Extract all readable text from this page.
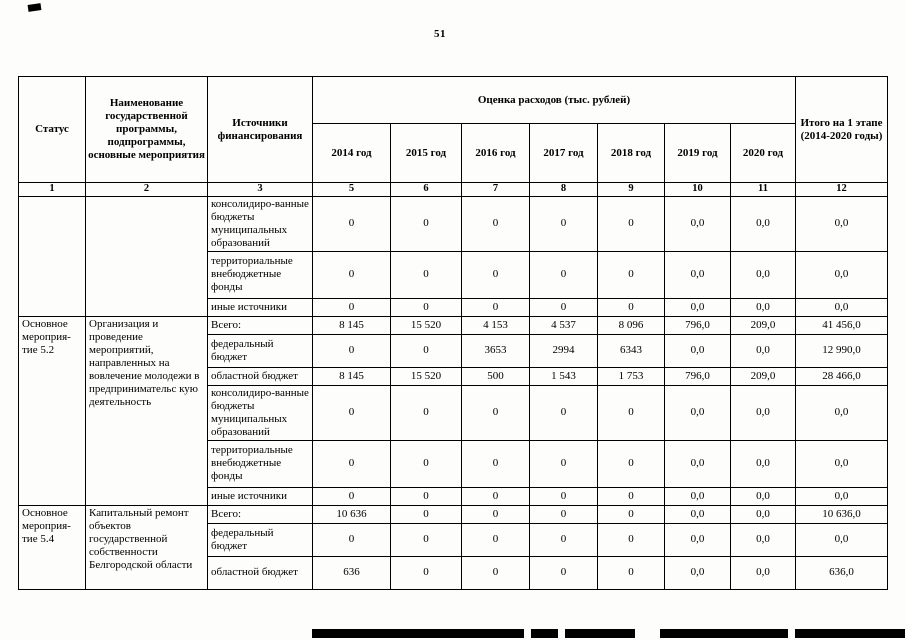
51
Статус	Наименование государственной программы, подпрограммы, основные мероприятия	Источники финансирования	Оценка расходов (тыс. рублей)							Итого на 1 этапе (2014-2020 годы)
			2014 год	2015 год	2016 год	2017 год	2018 год	2019 год	2020 год	
1	2	3	5	6	7	8	9	10	11	12
		консолидиро-ванные бюджеты муниципальных образований	0	0	0	0	0	0,0	0,0	0,0
		территориальные внебюджетные фонды	0	0	0	0	0	0,0	0,0	0,0
		иные источники	0	0	0	0	0	0,0	0,0	0,0
Основное мероприя-тие 5.2	Организация и проведение мероприятий, направленных на вовлечение молодежи в предпринимательс кую деятельность	Всего:	8 145	15 520	4 153	4 537	8 096	796,0	209,0	41 456,0
		федеральный бюджет	0	0	3653	2994	6343	0,0	0,0	12 990,0
		областной бюджет	8 145	15 520	500	1 543	1 753	796,0	209,0	28 466,0
		консолидиро-ванные бюджеты муниципальных образований	0	0	0	0	0	0,0	0,0	0,0
		территориальные внебюджетные фонды	0	0	0	0	0	0,0	0,0	0,0
		иные источники	0	0	0	0	0	0,0	0,0	0,0
Основное мероприя-тие 5.4	Капитальный ремонт объектов государственной собственности Белгородской области	Всего:	10 636	0	0	0	0	0,0	0,0	10 636,0
		федеральный бюджет	0	0	0	0	0	0,0	0,0	0,0
		областной бюджет	636	0	0	0	0	0,0	0,0	636,0
